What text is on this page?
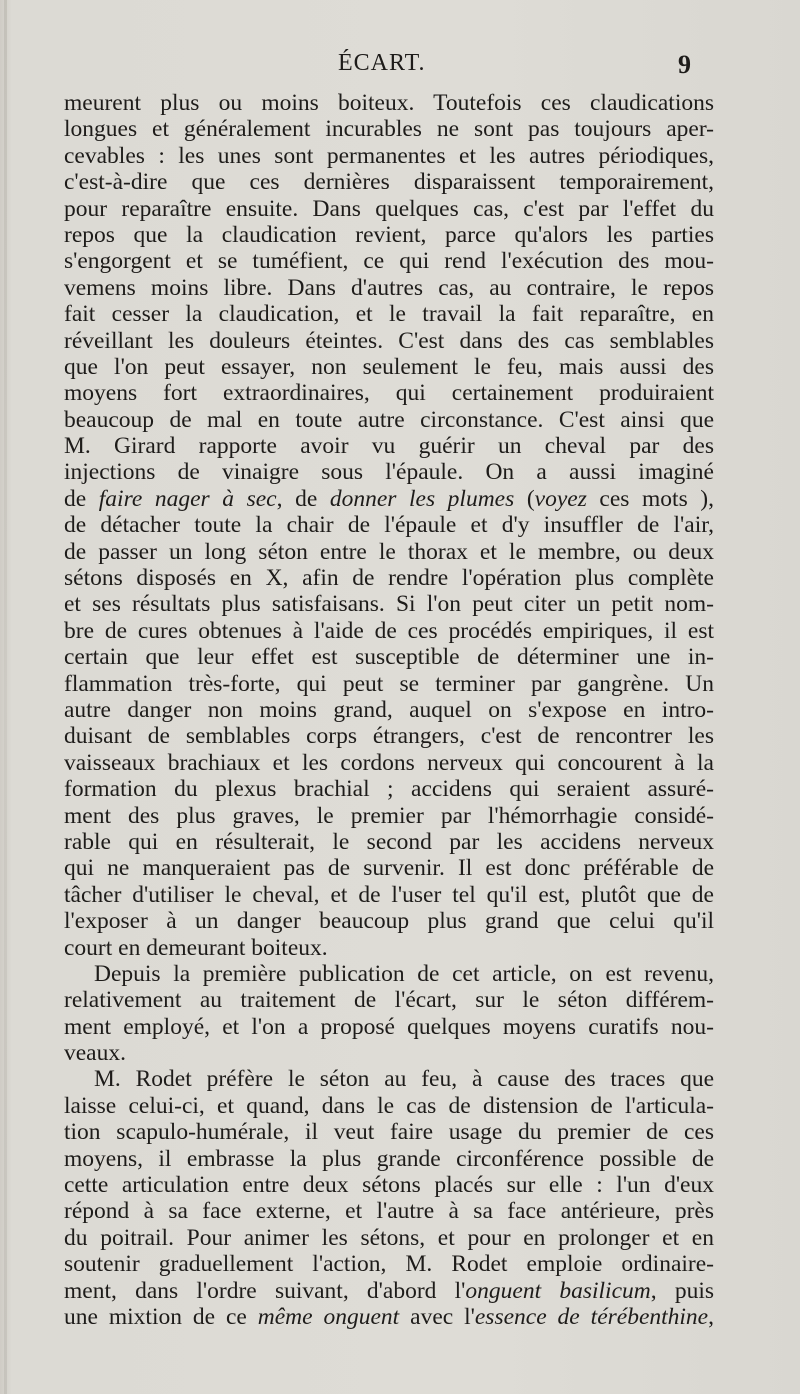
ÉCART.	9
meurent plus ou moins boiteux. Toutefois ces claudications
longues et généralement incurables ne sont pas toujours aper-
cevables : les unes sont permanentes et les autres périodiques,
c'est-à-dire que ces dernières disparaissent temporairement,
pour reparaître ensuite. Dans quelques cas, c'est par l'effet du
repos que la claudication revient, parce qu'alors les parties
s'engorgent et se tuméfient, ce qui rend l'exécution des mou-
vemens moins libre. Dans d'autres cas, au contraire, le repos
fait cesser la claudication, et le travail la fait reparaître, en
réveillant les douleurs éteintes. C'est dans des cas semblables
que l'on peut essayer, non seulement le feu, mais aussi des
moyens fort extraordinaires, qui certainement produiraient
beaucoup de mal en toute autre circonstance. C'est ainsi que
M. Girard rapporte avoir vu guérir un cheval par des
injections de vinaigre sous l'épaule. On a aussi imaginé
de faire nager à sec, de donner les plumes (voyez ces mots ),
de détacher toute la chair de l'épaule et d'y insuffler de l'air,
de passer un long séton entre le thorax et le membre, ou deux
sétons disposés en X, afin de rendre l'opération plus complète
et ses résultats plus satisfaisans. Si l'on peut citer un petit nom-
bre de cures obtenues à l'aide de ces procédés empiriques, il est
certain que leur effet est susceptible de déterminer une in-
flammation très-forte, qui peut se terminer par gangrène. Un
autre danger non moins grand, auquel on s'expose en intro-
duisant de semblables corps étrangers, c'est de rencontrer les
vaisseaux brachiaux et les cordons nerveux qui concourent à la
formation du plexus brachial ; accidens qui seraient assuré-
ment des plus graves, le premier par l'hémorrhagie considé-
rable qui en résulterait, le second par les accidens nerveux
qui ne manqueraient pas de survenir. Il est donc préférable de
tâcher d'utiliser le cheval, et de l'user tel qu'il est, plutôt que de
l'exposer à un danger beaucoup plus grand que celui qu'il
court en demeurant boiteux.
Depuis la première publication de cet article, on est revenu,
relativement au traitement de l'écart, sur le séton différem-
ment employé, et l'on a proposé quelques moyens curatifs nou-
veaux.
M. Rodet préfère le séton au feu, à cause des traces que
laisse celui-ci, et quand, dans le cas de distension de l'articula-
tion scapulo-humérale, il veut faire usage du premier de ces
moyens, il embrasse la plus grande circonférence possible de
cette articulation entre deux sétons placés sur elle : l'un d'eux
répond à sa face externe, et l'autre à sa face antérieure, près
du poitrail. Pour animer les sétons, et pour en prolonger et en
soutenir graduellement l'action, M. Rodet emploie ordinaire-
ment, dans l'ordre suivant, d'abord l'onguent basilicum, puis
une mixtion de ce même onguent avec l'essence de térébenthine,
